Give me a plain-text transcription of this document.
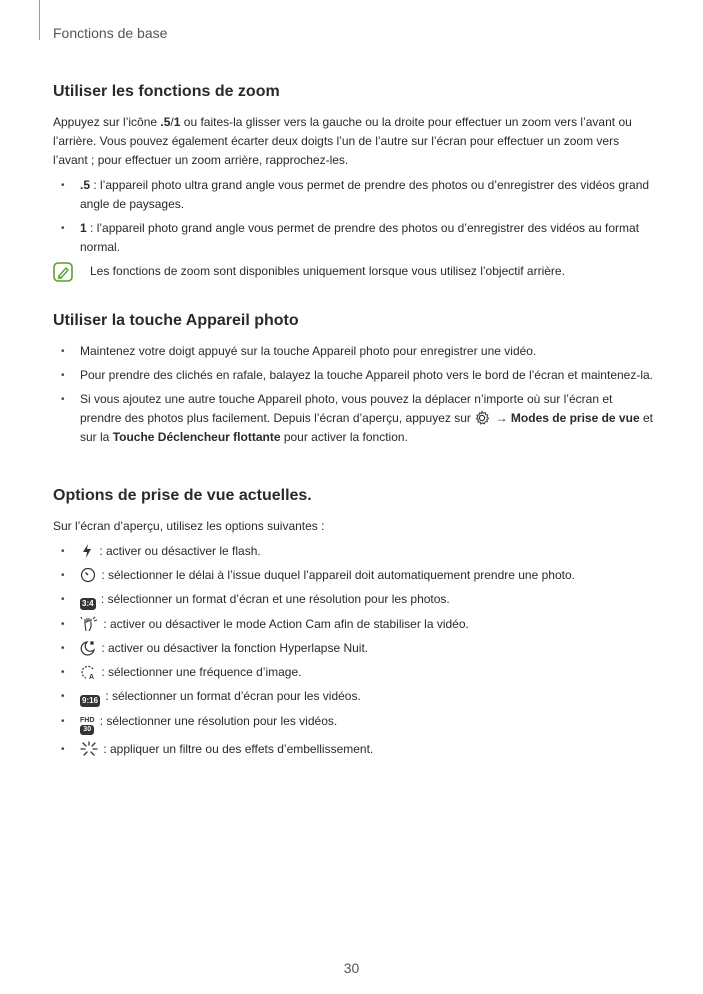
Fonctions de base
Utiliser les fonctions de zoom

Appuyez sur l’icône .5/1 ou faites-la glisser vers la gauche ou la droite pour effectuer un zoom vers l’avant ou l’arrière. Vous pouvez également écarter deux doigts l’un de l’autre sur l’écran pour effectuer un zoom vers l’avant ; pour effectuer un zoom arrière, rapprochez-les.

• .5 : l’appareil photo ultra grand angle vous permet de prendre des photos ou d’enregistrer des vidéos grand angle de paysages.
• 1 : l’appareil photo grand angle vous permet de prendre des photos ou d’enregistrer des vidéos au format normal.
Les fonctions de zoom sont disponibles uniquement lorsque vous utilisez l’objectif arrière.
Utiliser la touche Appareil photo
• Maintenez votre doigt appuyé sur la touche Appareil photo pour enregistrer une vidéo.
• Pour prendre des clichés en rafale, balayez la touche Appareil photo vers le bord de l’écran et maintenez-la.
• Si vous ajoutez une autre touche Appareil photo, vous pouvez la déplacer n’importe où sur l’écran et prendre des photos plus facilement. Depuis l’écran d’aperçu, appuyez sur  → Modes de prise de vue et sur la Touche Déclencheur flottante pour activer la fonction.
Options de prise de vue actuelles.

Sur l’écran d’aperçu, utilisez les options suivantes :

•	: activer ou désactiver le flash.
•	: sélectionner le délai à l’issue duquel l’appareil doit automatiquement prendre une photo.
• 3:4 : sélectionner un format d’écran et une résolution pour les photos.
•	: activer ou désactiver le mode Action Cam afin de stabiliser la vidéo.
•	: activer ou désactiver la fonction Hyperlapse Nuit.
•	A : sélectionner une fréquence d’image.
• 9:16 : sélectionner un format d’écran pour les vidéos.
• FHD
30
: sélectionner une résolution pour les vidéos.
•	: appliquer un filtre ou des effets d’embellissement.
30
